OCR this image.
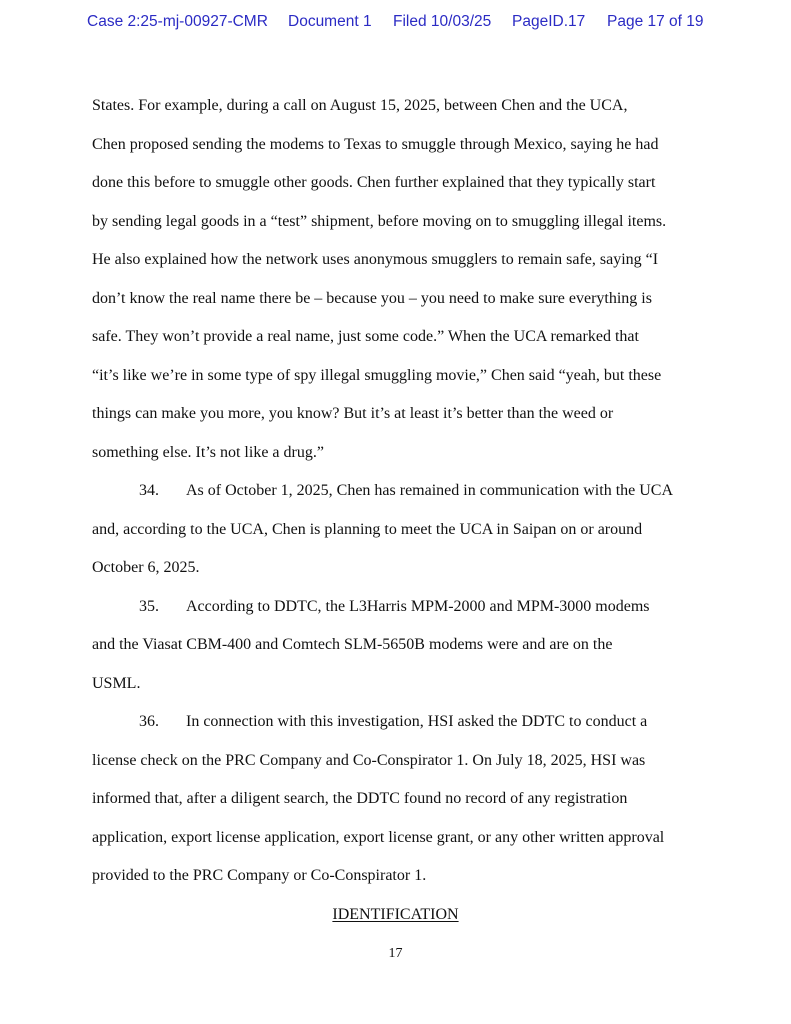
Case 2:25-mj-00927-CMR Document 1 Filed 10/03/25 PageID.17 Page 17 of 19
States. For example, during a call on August 15, 2025, between Chen and the UCA,
Chen proposed sending the modems to Texas to smuggle through Mexico, saying he had
done this before to smuggle other goods. Chen further explained that they typically start
by sending legal goods in a “test” shipment, before moving on to smuggling illegal items.
He also explained how the network uses anonymous smugglers to remain safe, saying “I
don’t know the real name there be – because you – you need to make sure everything is
safe. They won’t provide a real name, just some code.” When the UCA remarked that
“it’s like we’re in some type of spy illegal smuggling movie,” Chen said “yeah, but these
things can make you more, you know? But it’s at least it’s better than the weed or
something else. It’s not like a drug.”
34. As of October 1, 2025, Chen has remained in communication with the UCA
and, according to the UCA, Chen is planning to meet the UCA in Saipan on or around
October 6, 2025.
35. According to DDTC, the L3Harris MPM-2000 and MPM-3000 modems
and the Viasat CBM-400 and Comtech SLM-5650B modems were and are on the
USML.
36. In connection with this investigation, HSI asked the DDTC to conduct a
license check on the PRC Company and Co-Conspirator 1. On July 18, 2025, HSI was
informed that, after a diligent search, the DDTC found no record of any registration
application, export license application, export license grant, or any other written approval
provided to the PRC Company or Co-Conspirator 1.
IDENTIFICATION
17
